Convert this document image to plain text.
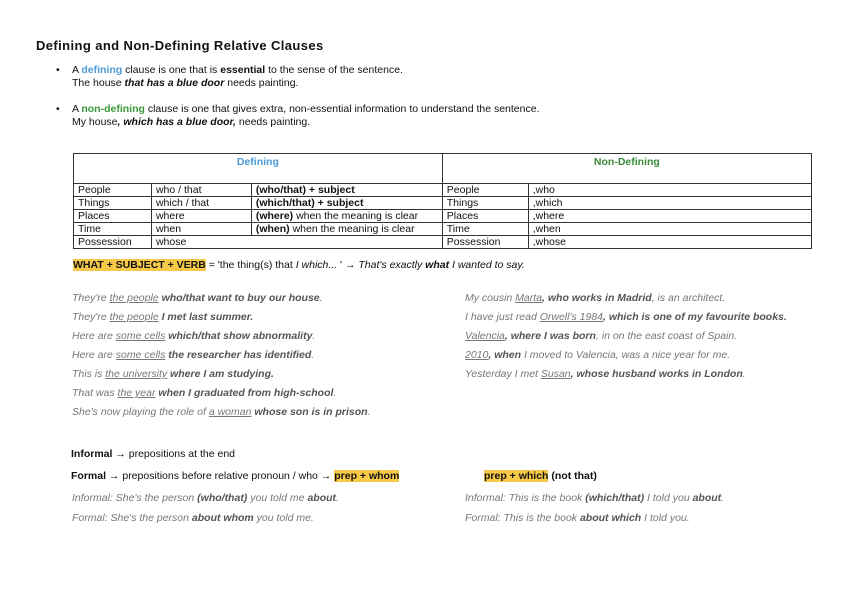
Defining and Non-Defining Relative Clauses
• A defining clause is one that is essential to the sense of the sentence.
The house that has a blue door needs painting.
• A non-defining clause is one that gives extra, non-essential information to understand the sentence.
My house, which has a blue door, needs painting.
Defining			Non-Defining	
People	who / that	(who/that) + subject	People	,who
Things	which / that	(which/that) + subject	Things	,which
Places	where	(where) when the meaning is clear	Places	,where
Time	when	(when) when the meaning is clear	Time	,when
Possession	whose		Possession	,whose
WHAT + SUBJECT + VERB = 'the thing(s) that I which... ' → That's exactly what I wanted to say.
They're the people who/that want to buy our house.
They're the people I met last summer.
Here are some cells which/that show abnormality.
Here are some cells the researcher has identified.
This is the university where I am studying.
That was the year when I graduated from high-school.
She's now playing the role of a woman whose son is in prison.
My cousin Marta, who works in Madrid, is an architect.
I have just read Orwell's 1984, which is one of my favourite books.
Valencia, where I was born, in on the east coast of Spain.
2010, when I moved to Valencia, was a nice year for me.
Yesterday I met Susan, whose husband works in London.
Informal → prepositions at the end
Formal → prepositions before relative pronoun / who → prep + whom	prep + which (not that)
Informal: She's the person (who/that) you told me about.
Formal: She's the person about whom you told me.
Informal: This is the book (which/that) I told you about.
Formal: This is the book about which I told you.
